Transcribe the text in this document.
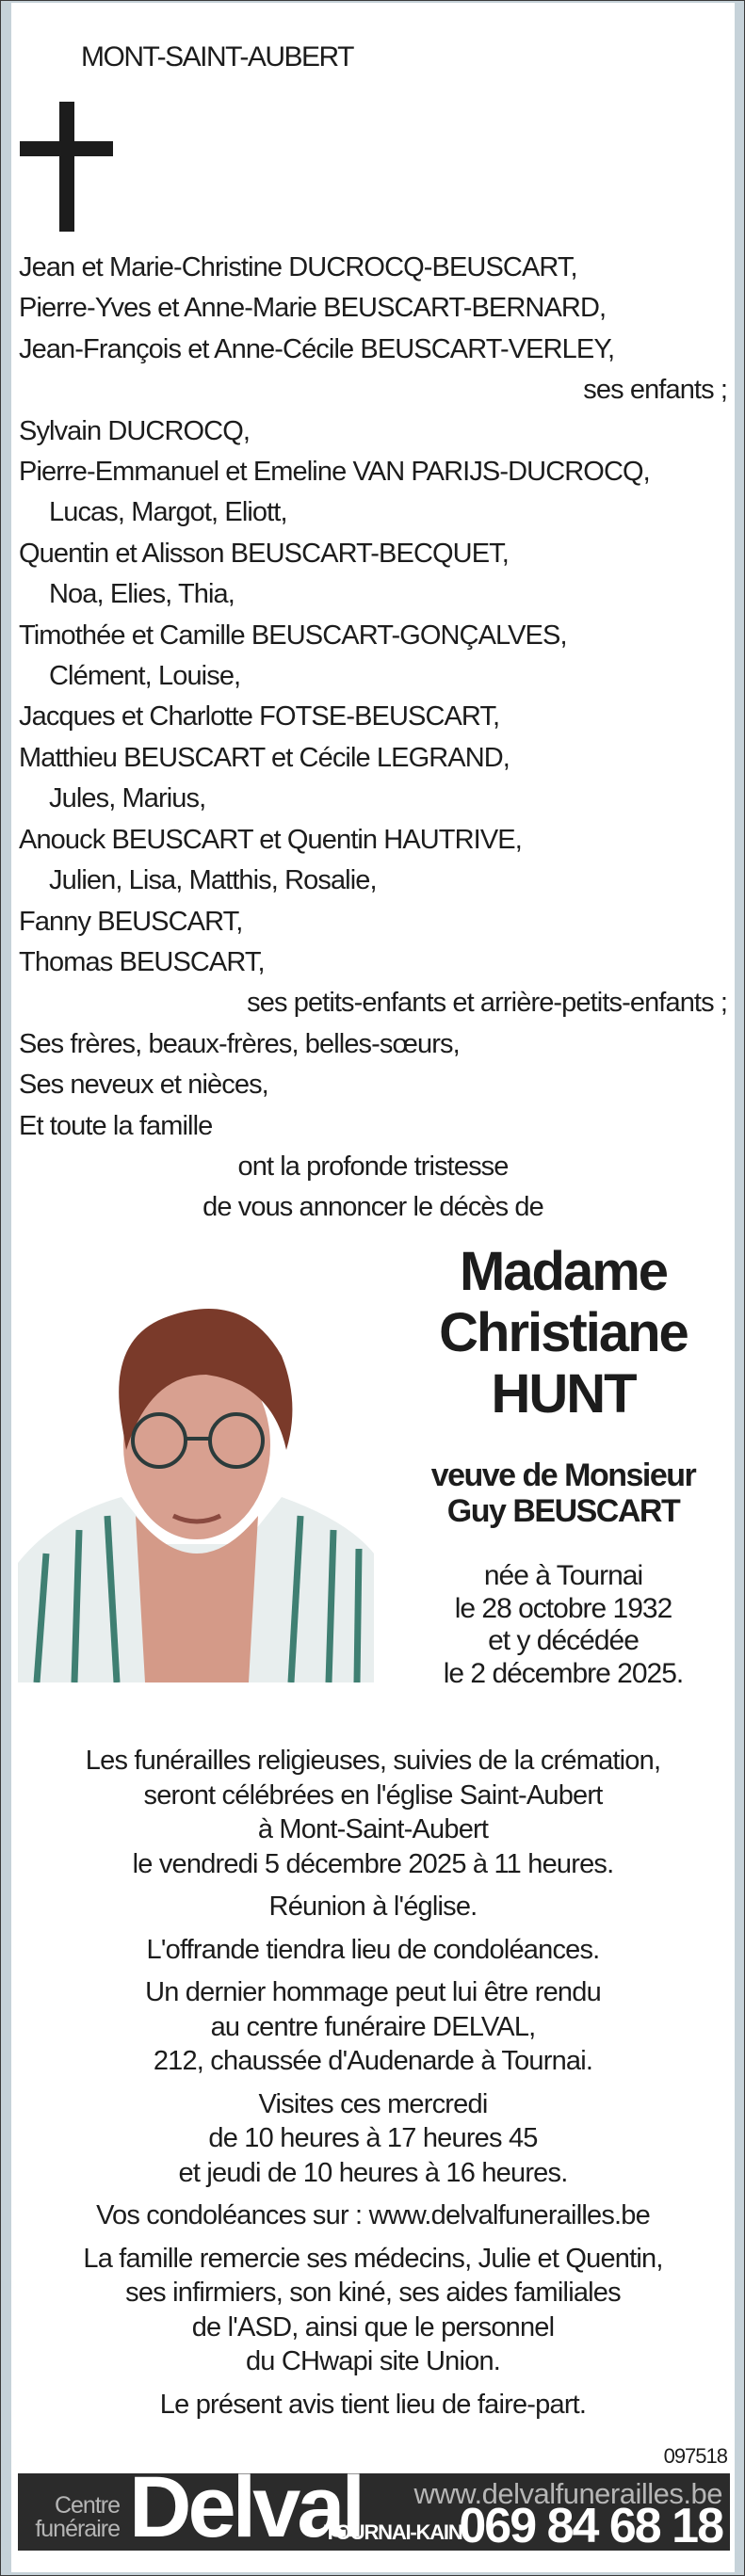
MONT-SAINT-AUBERT
Jean et Marie-Christine DUCROCQ-BEUSCART,
Pierre-Yves et Anne-Marie BEUSCART-BERNARD,
Jean-François et Anne-Cécile BEUSCART-VERLEY,
ses enfants ;
Sylvain DUCROCQ,
Pierre-Emmanuel et Emeline VAN PARIJS-DUCROCQ,
Lucas, Margot, Eliott,
Quentin et Alisson BEUSCART-BECQUET,
Noa, Elies, Thia,
Timothée et Camille BEUSCART-GONÇALVES,
Clément, Louise,
Jacques et Charlotte FOTSE-BEUSCART,
Matthieu BEUSCART et Cécile LEGRAND,
Jules, Marius,
Anouck BEUSCART et Quentin HAUTRIVE,
Julien, Lisa, Matthis, Rosalie,
Fanny BEUSCART,
Thomas BEUSCART,
ses petits-enfants et arrière-petits-enfants ;
Ses frères, beaux-frères, belles-sœurs,
Ses neveux et nièces,
Et toute la famille
ont la profonde tristesse
de vous annoncer le décès de
Madame
Christiane
HUNT
veuve de Monsieur
Guy BEUSCART
née à Tournai
le 28 octobre 1932
et y décédée
le 2 décembre 2025.

Les funérailles religieuses, suivies de la crémation,
seront célébrées en l'église Saint-Aubert
à Mont-Saint-Aubert
le vendredi 5 décembre 2025 à 11 heures.

Réunion à l'église.

L'offrande tiendra lieu de condoléances.

Un dernier hommage peut lui être rendu
au centre funéraire DELVAL,
212, chaussée d'Audenarde à Tournai.

Visites ces mercredi
de 10 heures à 17 heures 45
et jeudi de 10 heures à 16 heures.

Vos condoléances sur : www.delvalfunerailles.be

La famille remercie ses médecins, Julie et Quentin,
ses infirmiers, son kiné, ses aides familiales
de l'ASD, ainsi que le personnel
du CHwapi site Union.

Le présent avis tient lieu de faire-part.

097518
Centre
funéraire Delval
TOURNAI-KAIN
www.delvalfunerailles.be
069 84 68 18
